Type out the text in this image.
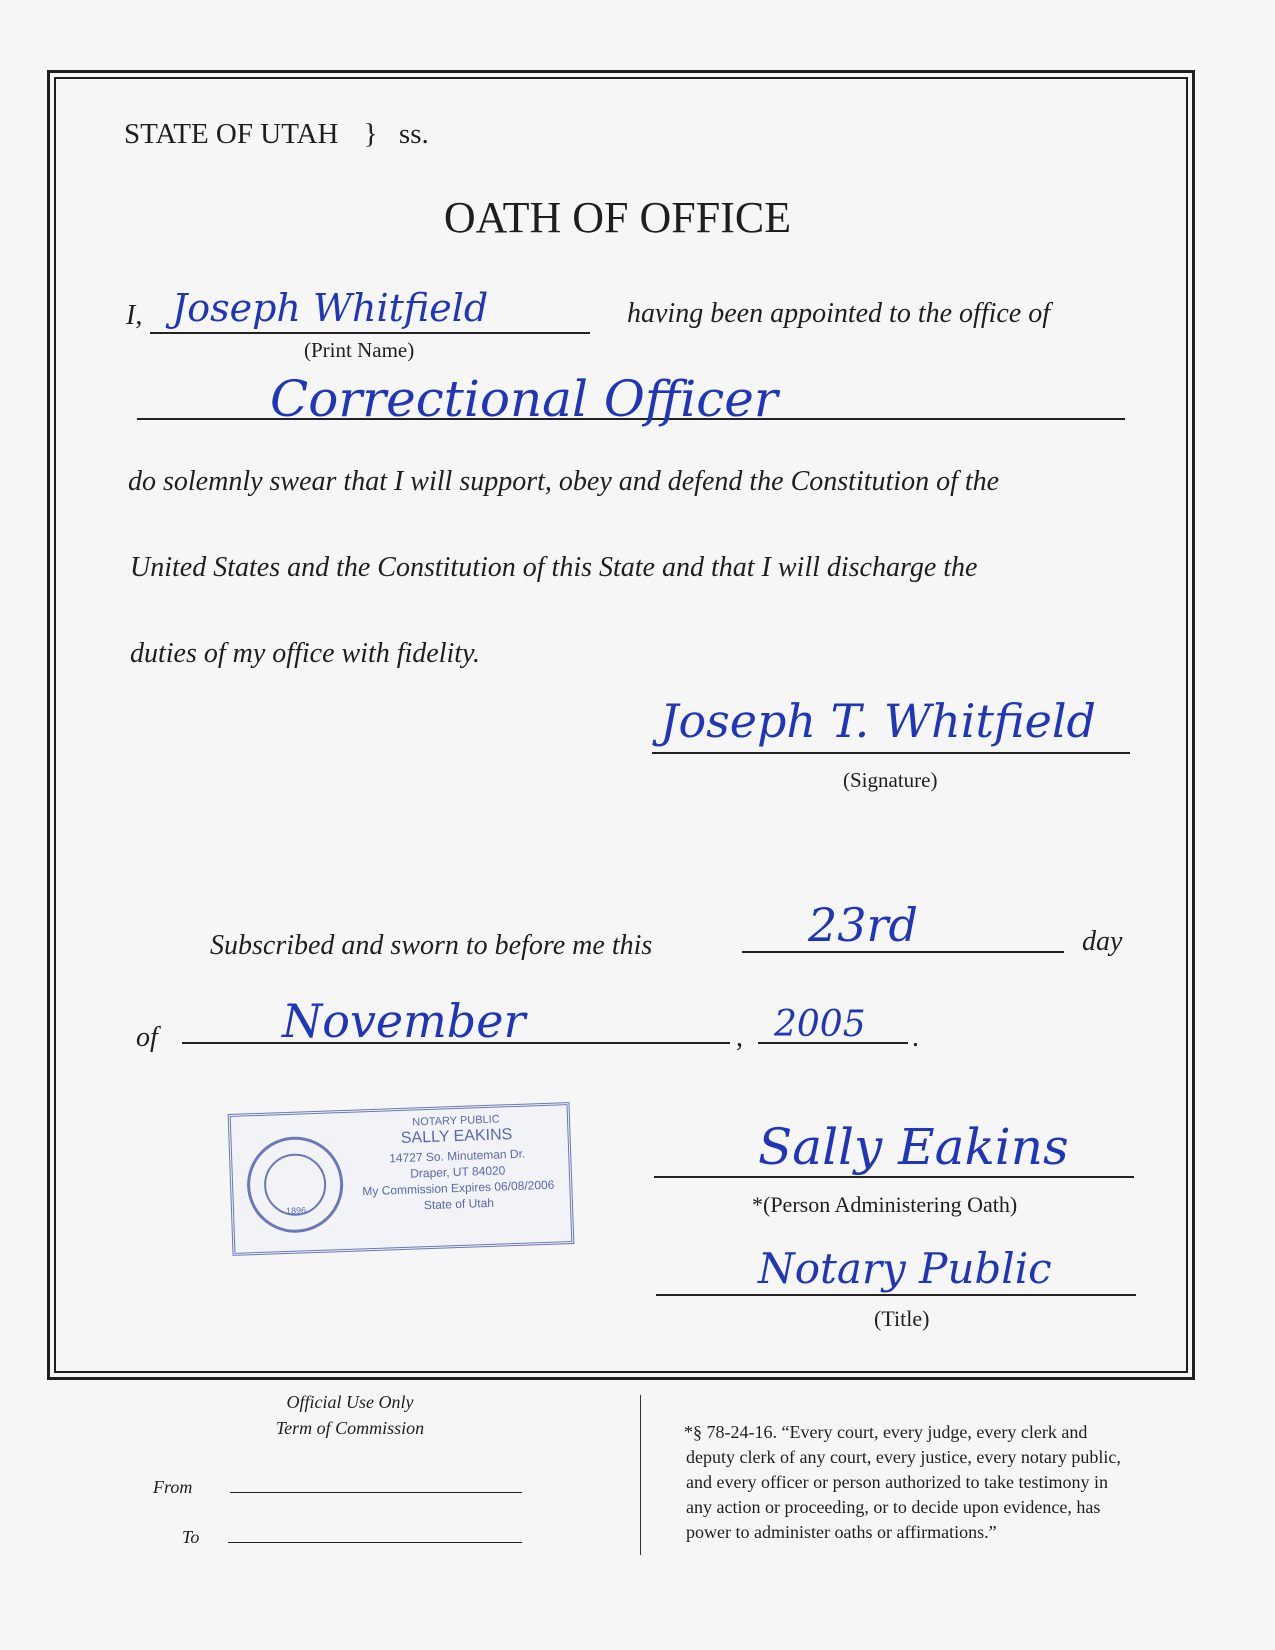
STATE OF UTAH } ss.
OATH OF OFFICE
I, Joseph Whitfield
(Print Name)
having been appointed to the office of
Correctional Officer
do solemnly swear that I will support, obey and defend the Constitution of the
United States and the Constitution of this State and that I will discharge the
duties of my office with fidelity.
Joseph T. Whitfield
(Signature)
Subscribed and sworn to before me this	23rd	day
of	November	, 2005 .
1896
NOTARY PUBLIC
SALLY EAKINS
14727 So. Minuteman Dr.
Draper, UT 84020
My Commission Expires 06/08/2006
State of Utah
Sally Eakins
*(Person Administering Oath)
Notary Public
(Title)
Official Use Only
Term of Commission
From
To
*§ 78-24-16. “Every court, every judge, every clerk and
deputy clerk of any court, every justice, every notary public,
and every officer or person authorized to take testimony in
any action or proceeding, or to decide upon evidence, has
power to administer oaths or affirmations.”
